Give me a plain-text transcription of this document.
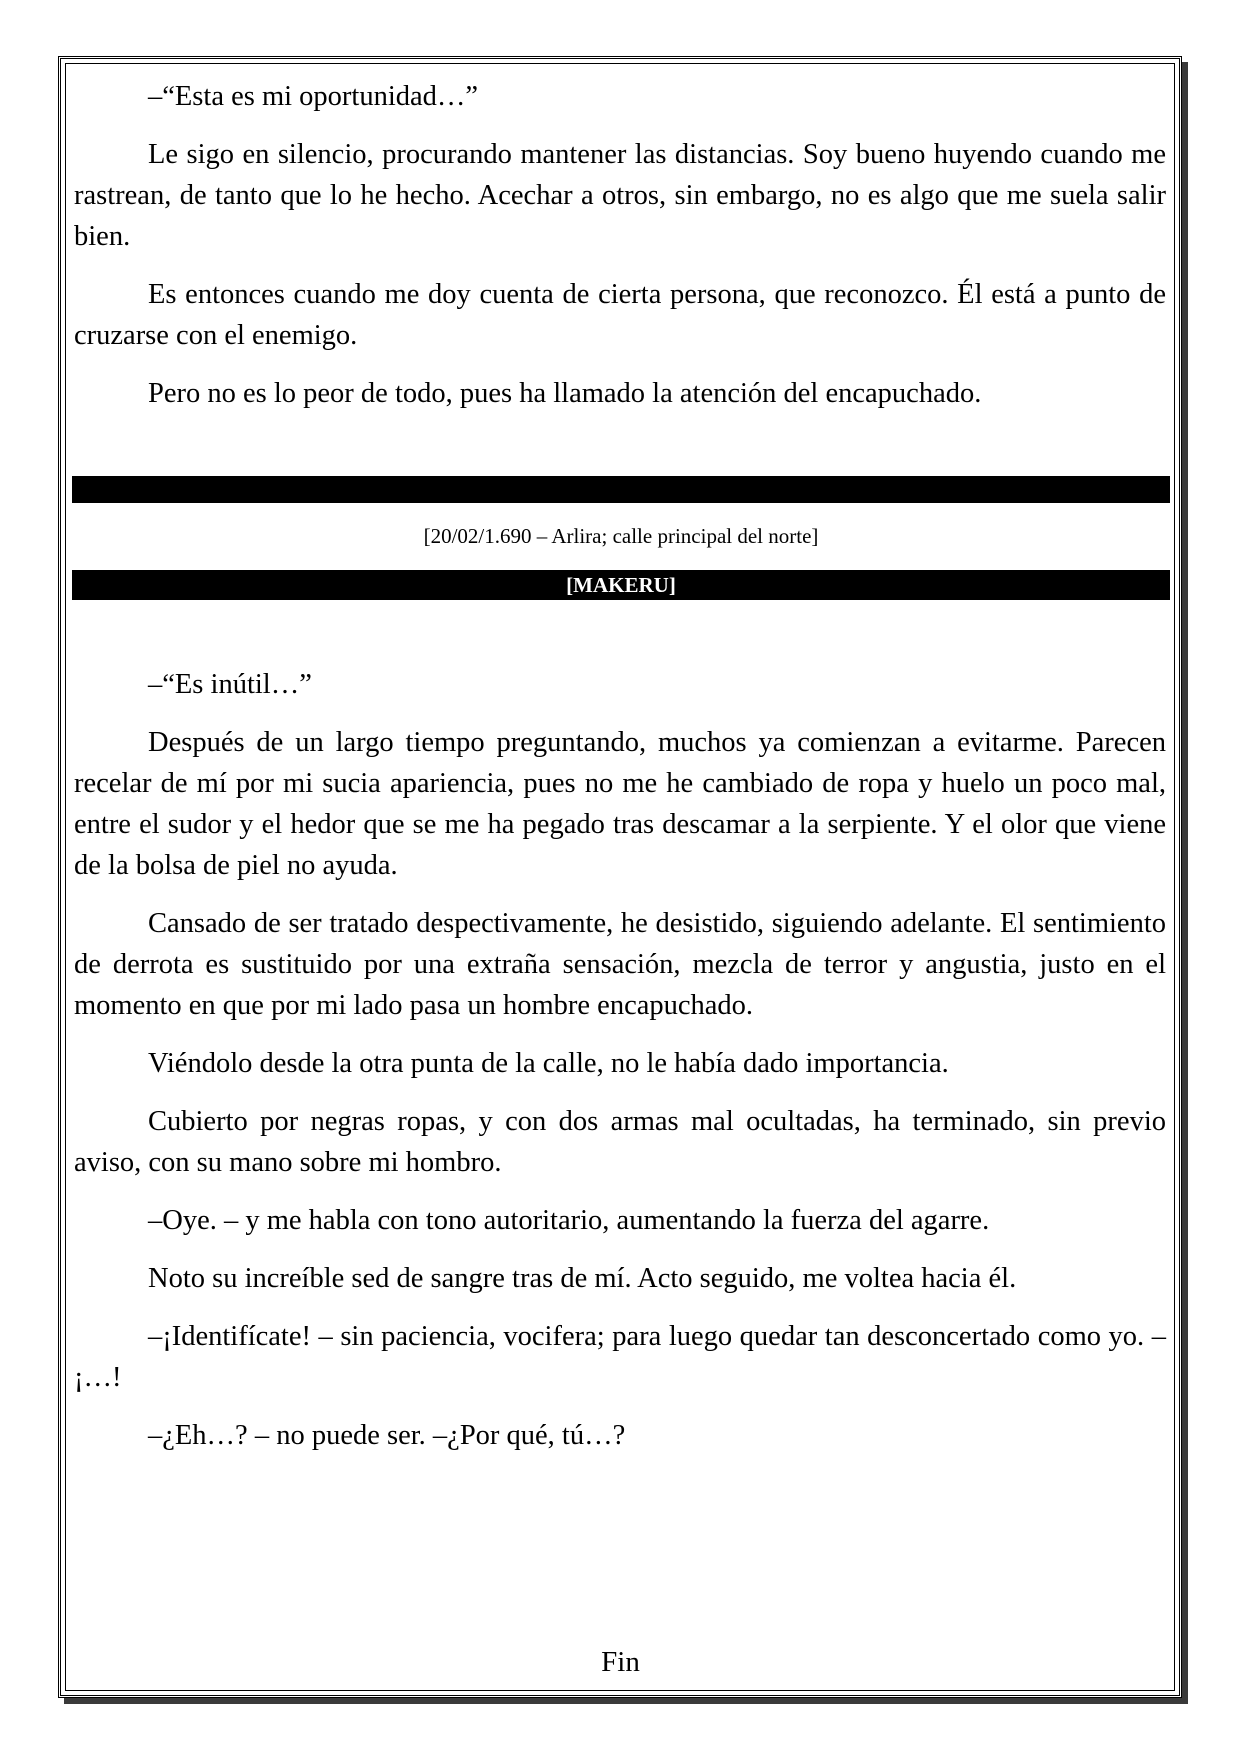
–“Esta es mi oportunidad…”

Le sigo en silencio, procurando mantener las distancias. Soy bueno huyendo cuando me rastrean, de tanto que lo he hecho. Acechar a otros, sin embargo, no es algo que me suela salir bien.

Es entonces cuando me doy cuenta de cierta persona, que reconozco. Él está a punto de cruzarse con el enemigo.

Pero no es lo peor de todo, pues ha llamado la atención del encapuchado.

[20/02/1.690 – Arlira; calle principal del norte]
[MAKERU]

–“Es inútil…”

Después de un largo tiempo preguntando, muchos ya comienzan a evitarme. Parecen recelar de mí por mi sucia apariencia, pues no me he cambiado de ropa y huelo un poco mal, entre el sudor y el hedor que se me ha pegado tras descamar a la serpiente. Y el olor que viene de la bolsa de piel no ayuda.

Cansado de ser tratado despectivamente, he desistido, siguiendo adelante. El sentimiento de derrota es sustituido por una extraña sensación, mezcla de terror y angustia, justo en el momento en que por mi lado pasa un hombre encapuchado.

Viéndolo desde la otra punta de la calle, no le había dado importancia.

Cubierto por negras ropas, y con dos armas mal ocultadas, ha terminado, sin previo aviso, con su mano sobre mi hombro.

–Oye. – y me habla con tono autoritario, aumentando la fuerza del agarre.

Noto su increíble sed de sangre tras de mí. Acto seguido, me voltea hacia él.

–¡Identifícate! – sin paciencia, vocifera; para luego quedar tan desconcertado como yo. –¡…!

–¿Eh…? – no puede ser. –¿Por qué, tú…?

Fin
